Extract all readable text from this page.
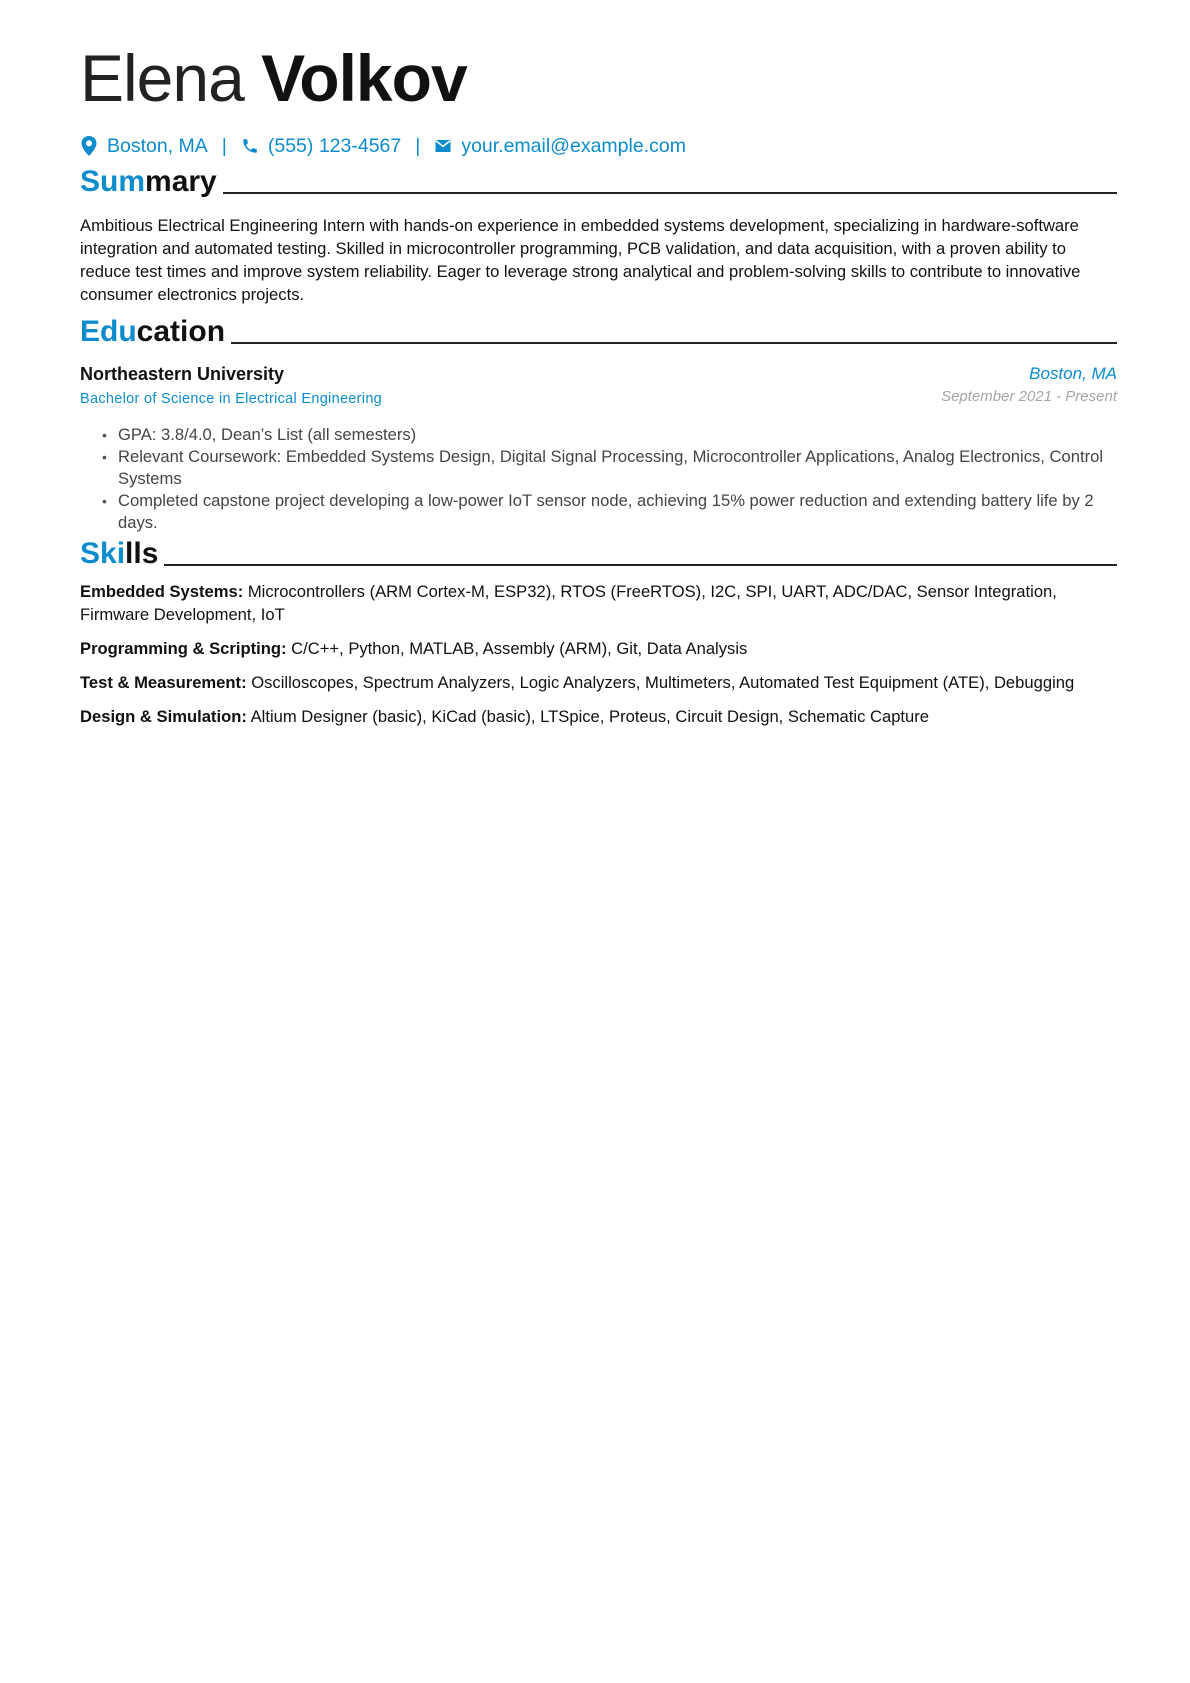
Elena Volkov
Boston, MA | (555) 123-4567 | your.email@example.com
Summary

Ambitious Electrical Engineering Intern with hands-on experience in embedded systems development, specializing in hardware-software integration and automated testing. Skilled in microcontroller programming, PCB validation, and data acquisition, with a proven ability to reduce test times and improve system reliability. Eager to leverage strong analytical and problem-solving skills to contribute to innovative consumer electronics projects.

Education
Northeastern University	Boston, MA
Bachelor of Science in Electrical Engineering	September 2021 - Present
• GPA: 3.8/4.0, Dean’s List (all semesters)
• Relevant Coursework: Embedded Systems Design, Digital Signal Processing, Microcontroller Applications, Analog Electronics, Control Systems
• Completed capstone project developing a low-power IoT sensor node, achieving 15% power reduction and extending battery life by 2 days.
Skills

Embedded Systems: Microcontrollers (ARM Cortex-M, ESP32), RTOS (FreeRTOS), I2C, SPI, UART, ADC/DAC, Sensor Integration, Firmware Development, IoT

Programming & Scripting: C/C++, Python, MATLAB, Assembly (ARM), Git, Data Analysis

Test & Measurement: Oscilloscopes, Spectrum Analyzers, Logic Analyzers, Multimeters, Automated Test Equipment (ATE), Debugging

Design & Simulation: Altium Designer (basic), KiCad (basic), LTSpice, Proteus, Circuit Design, Schematic Capture
